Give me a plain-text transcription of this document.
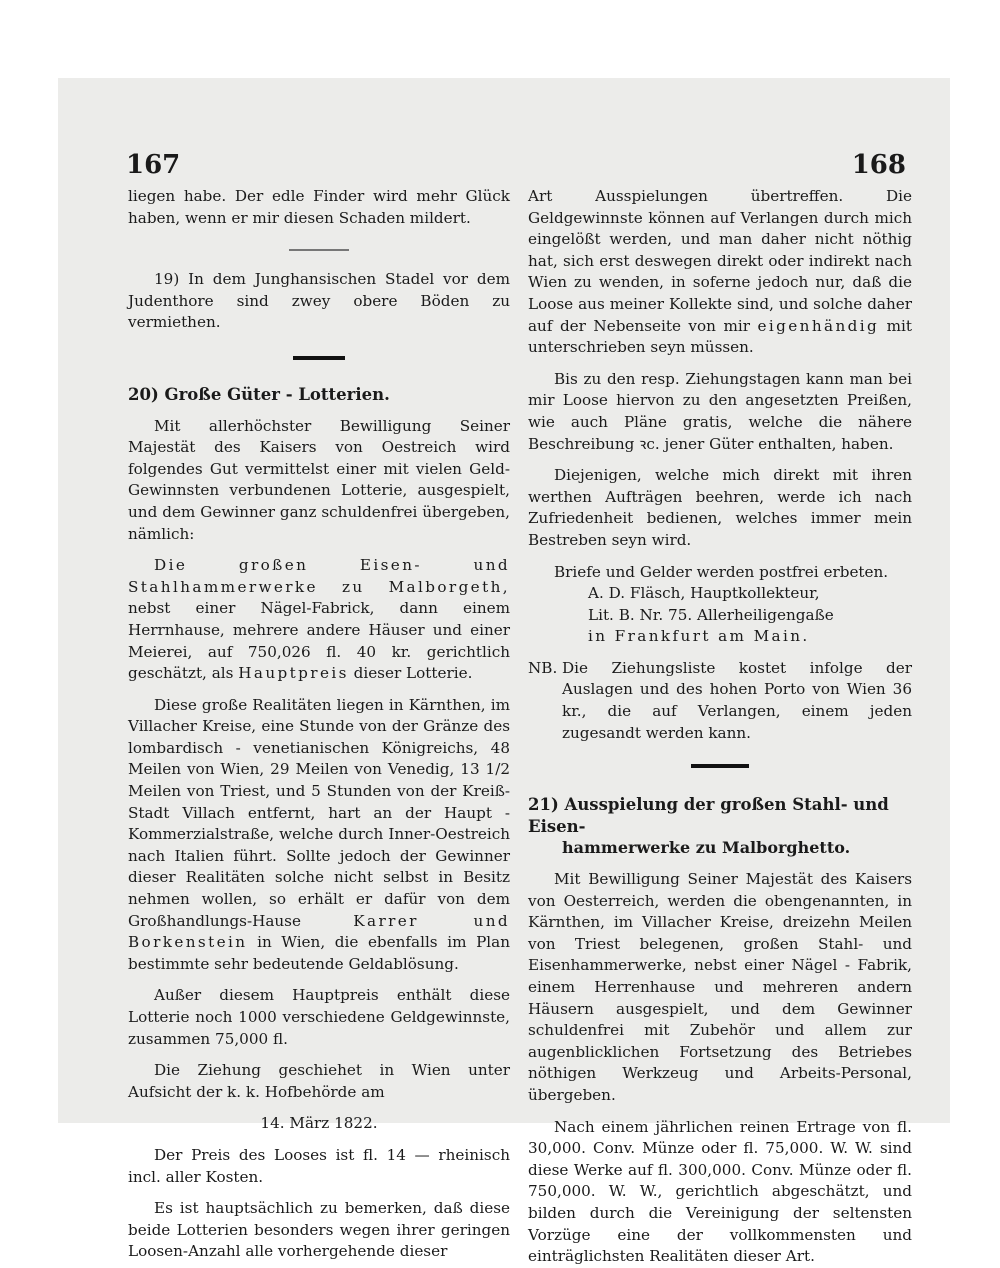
167	168

liegen habe. Der edle Finder wird mehr Glück haben, wenn er mir diesen Schaden mildert.

19) In dem Junghansischen Stadel vor dem Judenthore sind zwey obere Böden zu vermiethen.

20) Große Güter - Lotterien.

Mit allerhöchster Bewilligung Seiner Majestät des Kaisers von Oestreich wird folgendes Gut vermittelst einer mit vielen Geld-Gewinnsten verbundenen Lotterie, ausgespielt, und dem Gewinner ganz schuldenfrei übergeben, nämlich:

Die großen Eisen- und Stahlhammerwerke zu Malborgeth, nebst einer Nägel-Fabrick, dann einem Herrnhause, mehrere andere Häuser und einer Meierei, auf 750,026 fl. 40 kr. gerichtlich geschätzt, als Hauptpreis dieser Lotterie.

Diese große Realitäten liegen in Kärnthen, im Villacher Kreise, eine Stunde von der Gränze des lombardisch - venetianischen Königreichs, 48 Meilen von Wien, 29 Meilen von Venedig, 13 1/2 Meilen von Triest, und 5 Stunden von der Kreiß-Stadt Villach entfernt, hart an der Haupt - Kommerzialstraße, welche durch Inner-Oestreich nach Italien führt. Sollte jedoch der Gewinner dieser Realitäten solche nicht selbst in Besitz nehmen wollen, so erhält er dafür von dem Großhandlungs-Hause	Karrer und Borkenstein in Wien, die ebenfalls im Plan bestimmte sehr bedeutende Geldablösung.

Außer diesem Hauptpreis enthält diese Lotterie noch 1000 verschiedene Geldgewinnste, zusammen 75,000 fl.

Die Ziehung geschiehet in Wien unter Aufsicht der k. k. Hofbehörde am

14. März 1822.

Der Preis des Looses ist fl. 14 — rheinisch incl. aller Kosten.

Es ist hauptsächlich zu bemerken, daß diese beide Lotterien besonders wegen ihrer geringen Loosen-Anzahl alle vorhergehende dieser

Art Ausspielungen übertreffen. Die Geldgewinnste können auf Verlangen durch mich eingelößt werden, und man daher nicht nöthig hat, sich erst deswegen direkt oder indirekt nach Wien zu wenden, in soferne jedoch nur, daß die Loose aus meiner Kollekte sind, und solche daher auf der Nebenseite von mir eigenhändig mit unterschrieben seyn müssen.

Bis zu den resp. Ziehungstagen kann man bei mir Loose hiervon zu den angesetzten Preißen, wie auch Pläne gratis, welche die nähere Beschreibung ꝛc. jener Güter enthalten, haben.

Diejenigen, welche mich direkt mit ihren werthen Aufträgen beehren, werde ich nach Zufriedenheit bedienen, welches immer mein Bestreben seyn wird.

Briefe und Gelder werden postfrei erbeten.

A. D. Fläsch, Hauptkollekteur,

Lit. B. Nr. 75. Allerheiligengaße

in Frankfurt am Main.

NB. Die Ziehungsliste kostet infolge der Auslagen und des hohen Porto von Wien 36 kr., die auf Verlangen, einem jeden zugesandt werden kann.

21) Ausspielung der großen Stahl- und Eisen-

hammerwerke zu Malborghetto.

Mit Bewilligung Seiner Majestät des Kaisers von Oesterreich, werden die obengenannten, in Kärnthen, im Villacher Kreise, dreizehn Meilen von Triest belegenen, großen Stahl- und Eisenhammerwerke, nebst einer Nägel - Fabrik, einem Herrenhause und mehreren andern Häusern ausgespielt, und dem Gewinner schuldenfrei mit Zubehör und allem zur augenblicklichen Fortsetzung des Betriebes nöthigen Werkzeug und Arbeits-Personal, übergeben.

Nach einem jährlichen reinen Ertrage von fl. 30,000. Conv. Münze oder fl. 75,000. W. W. sind diese Werke auf fl. 300,000. Conv. Münze oder fl. 750,000. W. W., gerichtlich abgeschätzt, und bilden durch die Vereinigung der seltensten Vorzüge eine der vollkommensten und einträglichsten Realitäten dieser Art.
